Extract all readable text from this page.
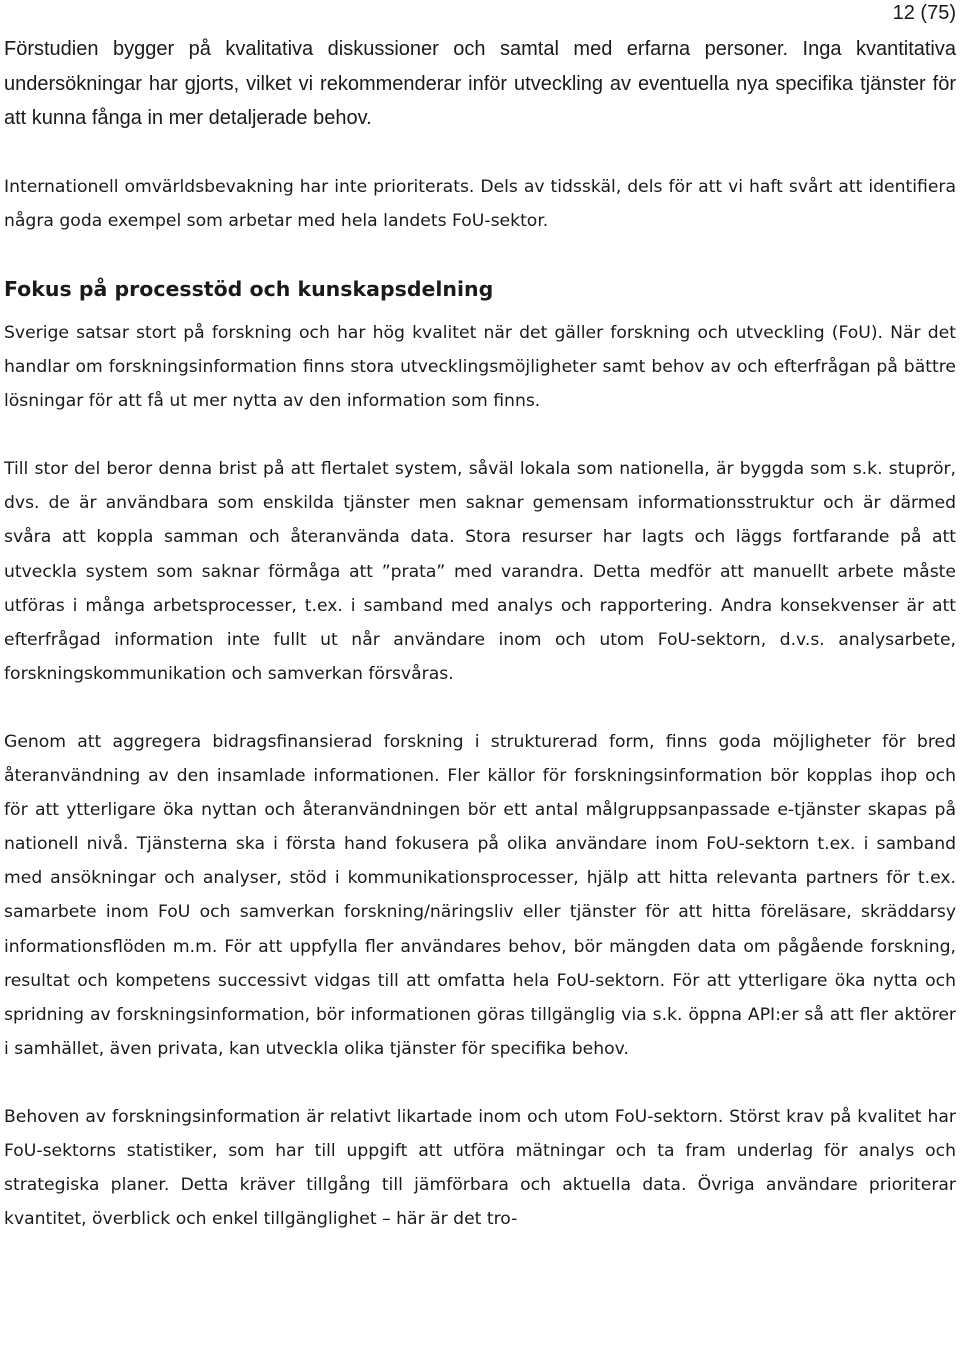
12 (75)

Förstudien bygger på kvalitativa diskussioner och samtal med erfarna personer. Inga kvantitativa undersökningar har gjorts, vilket vi rekommenderar inför utveckling av eventuella nya specifika tjänster för att kunna fånga in mer detaljerade behov.

Internationell omvärldsbevakning har inte prioriterats. Dels av tidsskäl, dels för att vi haft svårt att identifiera några goda exempel som arbetar med hela landets FoU-sektor.

Fokus på processtöd och kunskapsdelning

Sverige satsar stort på forskning och har hög kvalitet när det gäller forskning och utveckling (FoU). När det handlar om forskningsinformation finns stora utvecklingsmöjligheter samt behov av och efterfrågan på bättre lösningar för att få ut mer nytta av den information som finns.

Till stor del beror denna brist på att flertalet system, såväl lokala som nationella, är byggda som s.k. stuprör, dvs. de är användbara som enskilda tjänster men saknar gemensam informationsstruktur och är därmed svåra att koppla samman och återanvända data. Stora resurser har lagts och läggs fortfarande på att utveckla system som saknar förmåga att ”prata” med varandra. Detta medför att manuellt arbete måste utföras i många arbetsprocesser, t.ex. i samband med analys och rapportering. Andra konsekvenser är att efterfrågad information inte fullt ut når användare inom och utom FoU-sektorn, d.v.s. analysarbete, forskningskommunikation och samverkan försvåras.

Genom att aggregera bidragsfinansierad forskning i strukturerad form, finns goda möjligheter för bred återanvändning av den insamlade informationen. Fler källor för forskningsinformation bör kopplas ihop och för att ytterligare öka nyttan och återanvändningen bör ett antal målgruppsanpassade e-tjänster skapas på nationell nivå. Tjänsterna ska i första hand fokusera på olika användare inom FoU-sektorn t.ex. i samband med ansökningar och analyser, stöd i kommunikationsprocesser, hjälp att hitta relevanta partners för t.ex. samarbete inom FoU och samverkan forskning/näringsliv eller tjänster för att hitta föreläsare, skräddarsy informationsflöden m.m. För att uppfylla fler användares behov, bör mängden data om pågående forskning, resultat och kompetens successivt vidgas till att omfatta hela FoU-sektorn. För att ytterligare öka nytta och spridning av forskningsinformation, bör informationen göras tillgänglig via s.k. öppna API:er så att fler aktörer i samhället, även privata, kan utveckla olika tjänster för specifika behov.

Behoven av forskningsinformation är relativt likartade inom och utom FoU-sektorn. Störst krav på kvalitet har FoU-sektorns statistiker, som har till uppgift att utföra mätningar och ta fram underlag för analys och strategiska planer. Detta kräver tillgång till jämförbara och aktuella data. Övriga användare prioriterar kvantitet, överblick och enkel tillgänglighet – här är det tro-
